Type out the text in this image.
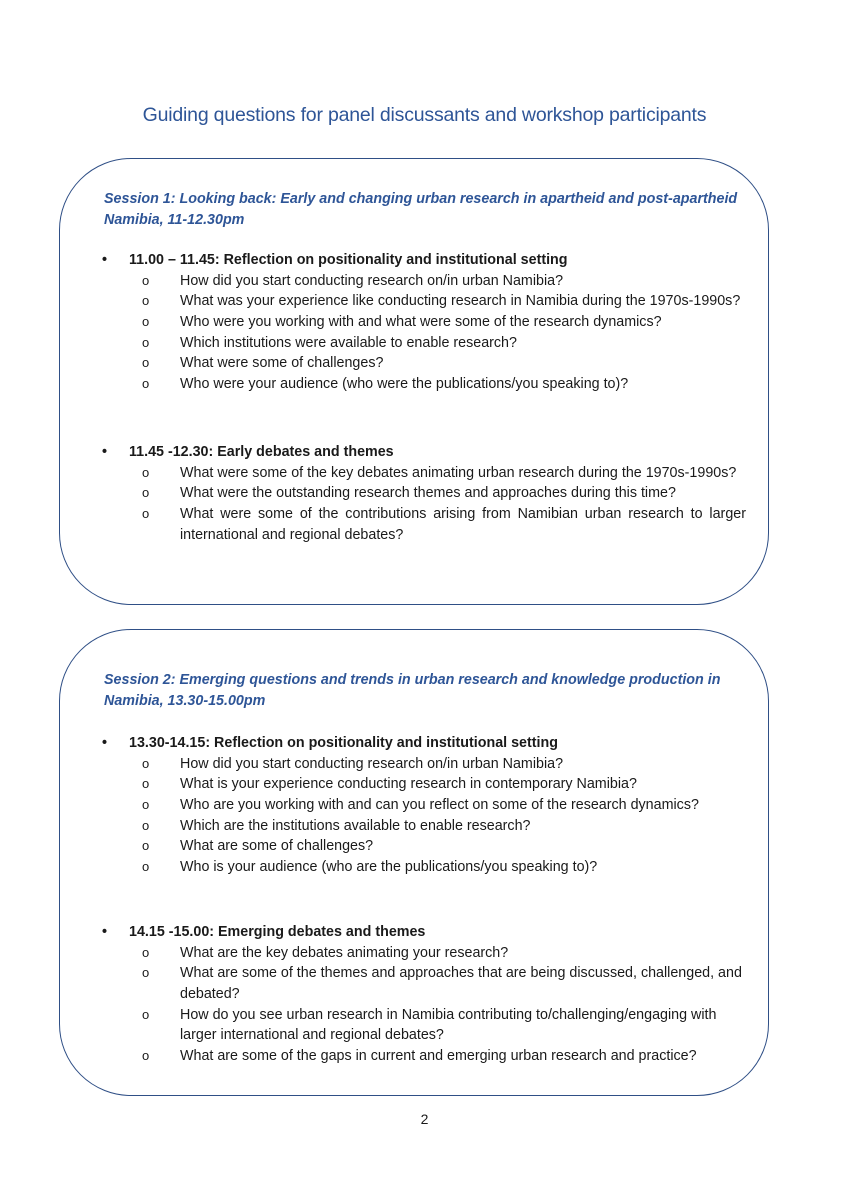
Guiding questions for panel discussants and workshop participants
Session 1: Looking back: Early and changing urban research in apartheid and post-apartheid Namibia, 11-12.30pm
• 11.00 – 11.45: Reflection on positionality and institutional setting
o How did you start conducting research on/in urban Namibia?
o What was your experience like conducting research in Namibia during the 1970s-1990s?
o Who were you working with and what were some of the research dynamics?
o Which institutions were available to enable research?
o What were some of challenges?
o Who were your audience (who were the publications/you speaking to)?
• 11.45 -12.30: Early debates and themes
o What were some of the key debates animating urban research during the 1970s-1990s?
o What were the outstanding research themes and approaches during this time?
o What were some of the contributions arising from Namibian urban research to larger international and regional debates?
Session 2: Emerging questions and trends in urban research and knowledge production in Namibia, 13.30-15.00pm
• 13.30-14.15: Reflection on positionality and institutional setting
o How did you start conducting research on/in urban Namibia?
o What is your experience conducting research in contemporary Namibia?
o Who are you working with and can you reflect on some of the research dynamics?
o Which are the institutions available to enable research?
o What are some of challenges?
o Who is your audience (who are the publications/you speaking to)?
• 14.15 -15.00: Emerging debates and themes
o What are the key debates animating your research?
o What are some of the themes and approaches that are being discussed, challenged, and debated?
o How do you see urban research in Namibia contributing to/challenging/engaging with larger international and regional debates?
o What are some of the gaps in current and emerging urban research and practice?
2
